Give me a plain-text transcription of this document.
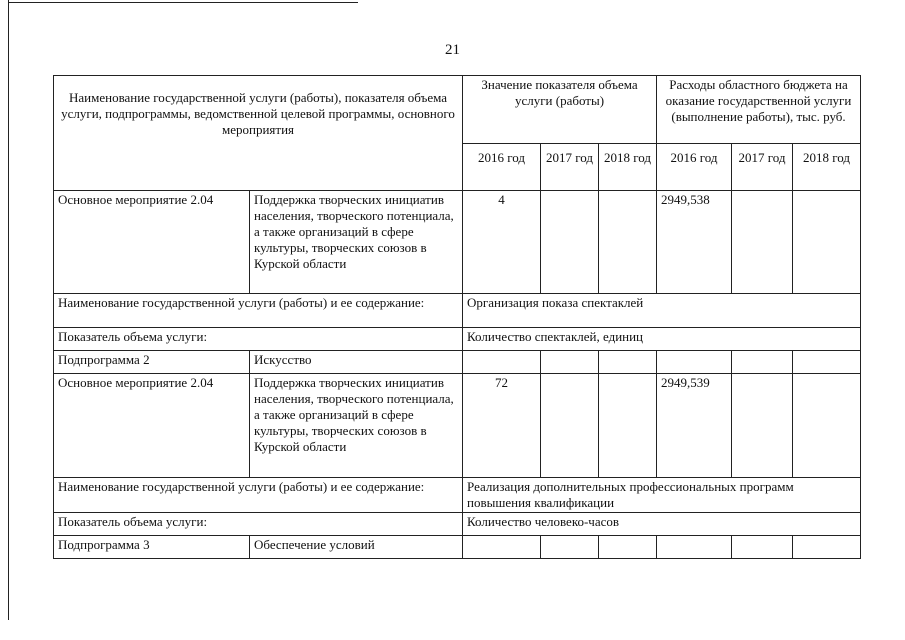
21
Наименование государственной услуги (работы), показателя объема услуги, подпрограммы, ведомственной целевой программы, основного мероприятия		Значение показателя объема услуги (работы)			Расходы областного бюджета на оказание государственной услуги (выполнение работы), тыс. руб.		
		2016 год	2017 год	2018 год	2016 год	2017 год	2018 год
Основное мероприятие 2.04	Поддержка творческих инициатив населения, творческого потенциала, а также организаций в сфере культуры, творческих союзов в Курской области	4			2949,538		
Наименование государственной услуги (работы) и ее содержание:		Организация показа спектаклей					
Показатель объема услуги:		Количество спектаклей, единиц					
Подпрограмма 2	Искусство						
Основное мероприятие 2.04	Поддержка творческих инициатив населения, творческого потенциала, а также организаций в сфере культуры, творческих союзов в Курской области	72			2949,539		
Наименование государственной услуги (работы) и ее содержание:		Реализация дополнительных профессиональных программ повышения квалификации					
Показатель объема услуги:		Количество человеко-часов					
Подпрограмма 3	Обеспечение условий						
